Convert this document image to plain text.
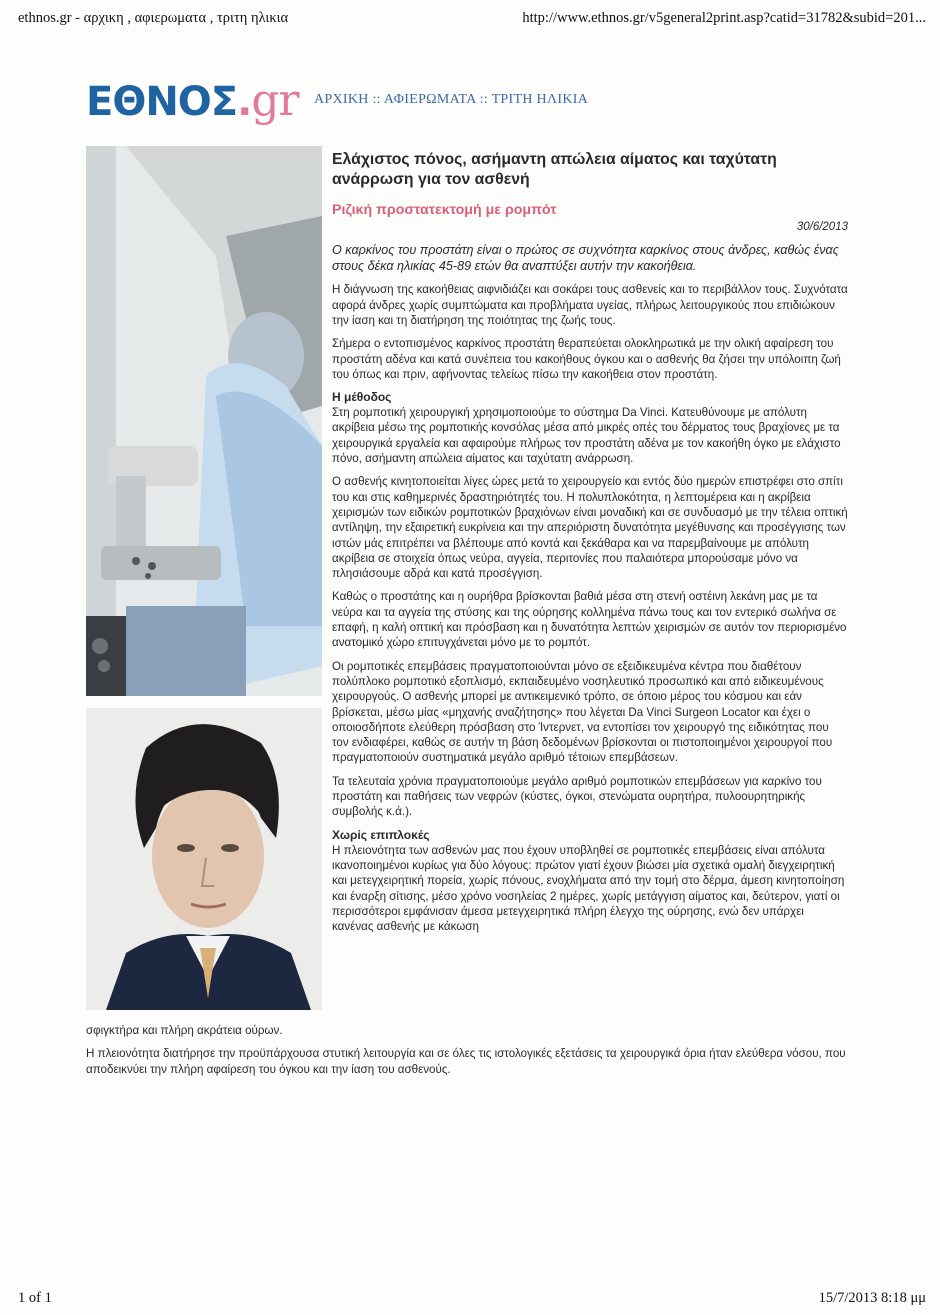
ethnos.gr - αρχικη , αφιερωματα , τριτη ηλικια	http://www.ethnos.gr/v5general2print.asp?catid=31782&subid=201...
ΕΘΝΟΣ.gr ΑΡΧΙΚΗ :: ΑΦΙΕΡΩΜΑΤΑ :: ΤΡΙΤΗ ΗΛΙΚΙΑ
Ελάχιστος πόνος, ασήμαντη απώλεια αίματος και ταχύτατη ανάρρωση για τον ασθενή
Ριζική προστατεκτομή με ρομπότ
30/6/2013

Ο καρκίνος του προστάτη είναι ο πρώτος σε συχνότητα καρκίνος στους άνδρες, καθώς ένας στους δέκα ηλικίας 45-89 ετών θα αναπτύξει αυτήν την κακοήθεια.

Η διάγνωση της κακοήθειας αιφνιδιάζει και σοκάρει τους ασθενείς και το περιβάλλον τους. Συχνότατα αφορά άνδρες χωρίς συμπτώματα και προβλήματα υγείας, πλήρως λειτουργικούς που επιδιώκουν την ίαση και τη διατήρηση της ποιότητας της ζωής τους.

Σήμερα ο εντοπισμένος καρκίνος προστάτη θεραπεύεται ολοκληρωτικά με την ολική αφαίρεση του προστάτη αδένα και κατά συνέπεια του κακοήθους όγκου και ο ασθενής θα ζήσει την υπόλοιπη ζωή του όπως και πριν, αφήνοντας τελείως πίσω την κακοήθεια στον προστάτη.

Η μέθοδος

Στη ρομποτική χειρουργική χρησιμοποιούμε το σύστημα Da Vinci. Κατευθύνουμε με απόλυτη ακρίβεια μέσω της ρομποτικής κονσόλας μέσα από μικρές οπές του δέρματος τους βραχίονες με τα χειρουργικά εργαλεία και αφαιρούμε πλήρως τον προστάτη αδένα με τον κακοήθη όγκο με ελάχιστο πόνο, ασήμαντη απώλεια αίματος και ταχύτατη ανάρρωση.

Ο ασθενής κινητοποιείται λίγες ώρες μετά το χειρουργείο και εντός δύο ημερών επιστρέφει στο σπίτι του και στις καθημερινές δραστηριότητές του. Η πολυπλοκότητα, η λεπτομέρεια και η ακρίβεια χειρισμών των ειδικών ρομποτικών βραχιόνων είναι μοναδική και σε συνδυασμό με την τέλεια οπτική αντίληψη, την εξαιρετική ευκρίνεια και την απεριόριστη δυνατότητα μεγέθυνσης και προσέγγισης των ιστών μάς επιτρέπει να βλέπουμε από κοντά και ξεκάθαρα και να παρεμβαίνουμε με απόλυτη ακρίβεια σε στοιχεία όπως νεύρα, αγγεία, περιτονίες που παλαιότερα μπορούσαμε μόνο να πλησιάσουμε αδρά και κατά προσέγγιση.

Καθώς ο προστάτης και η ουρήθρα βρίσκονται βαθιά μέσα στη στενή οστέινη λεκάνη μας με τα νεύρα και τα αγγεία της στύσης και της ούρησης κολλημένα πάνω τους και τον εντερικό σωλήνα σε επαφή, η καλή οπτική και πρόσβαση και η δυνατότητα λεπτών χειρισμών σε αυτόν τον περιορισμένο ανατομικό χώρο επιτυγχάνεται μόνο με το ρομπότ.

Οι ρομποτικές επεμβάσεις πραγματοποιούνται μόνο σε εξειδικευμένα κέντρα που διαθέτουν πολύπλοκο ρομποτικό εξοπλισμό, εκπαιδευμένο νοσηλευτικό προσωπικό και από ειδικευμένους χειρουργούς. Ο ασθενής μπορεί με αντικειμενικό τρόπο, σε όποιο μέρος του κόσμου και εάν βρίσκεται, μέσω μίας «μηχανής αναζήτησης» που λέγεται Da Vinci Surgeon Locator και έχει ο οποιοσδήποτε ελεύθερη πρόσβαση στο Ίντερνετ, να εντοπίσει τον χειρουργό της ειδικότητας που τον ενδιαφέρει, καθώς σε αυτήν τη βάση δεδομένων βρίσκονται οι πιστοποιημένοι χειρουργοί που πραγματοποιούν συστηματικά μεγάλο αριθμό τέτοιων επεμβάσεων.

Τα τελευταία χρόνια πραγματοποιούμε μεγάλο αριθμό ρομποτικών επεμβάσεων για καρκίνο του προστάτη και παθήσεις των νεφρών (κύστες, όγκοι, στενώματα ουρητήρα, πυλοουρητηρικής συμβολής κ.ά.).

Χωρίς επιπλοκές

Η πλειονότητα των ασθενών μας που έχουν υποβληθεί σε ρομποτικές επεμβάσεις είναι απόλυτα ικανοποιημένοι κυρίως για δύο λόγους: πρώτον γιατί έχουν βιώσει μία σχετικά ομαλή διεγχειρητική και μετεγχειρητική πορεία, χωρίς πόνους, ενοχλήματα από την τομή στο δέρμα, άμεση κινητοποίηση και έναρξη σίτισης, μέσο χρόνο νοσηλείας 2 ημέρες, χωρίς μετάγγιση αίματος και, δεύτερον, γιατί οι περισσότεροι εμφάνισαν άμεσα μετεγχειρητικά πλήρη έλεγχο της ούρησης, ενώ δεν υπάρχει κανένας ασθενής με κάκωση

σφιγκτήρα και πλήρη ακράτεια ούρων.
Η πλειονότητα διατήρησε την προϋπάρχουσα στυτική λειτουργία και σε όλες τις ιστολογικές εξετάσεις τα χειρουργικά όρια ήταν ελεύθερα νόσου, που αποδεικνύει την πλήρη αφαίρεση του όγκου και την ίαση του ασθενούς.
1 of 1	15/7/2013 8:18 μμ
